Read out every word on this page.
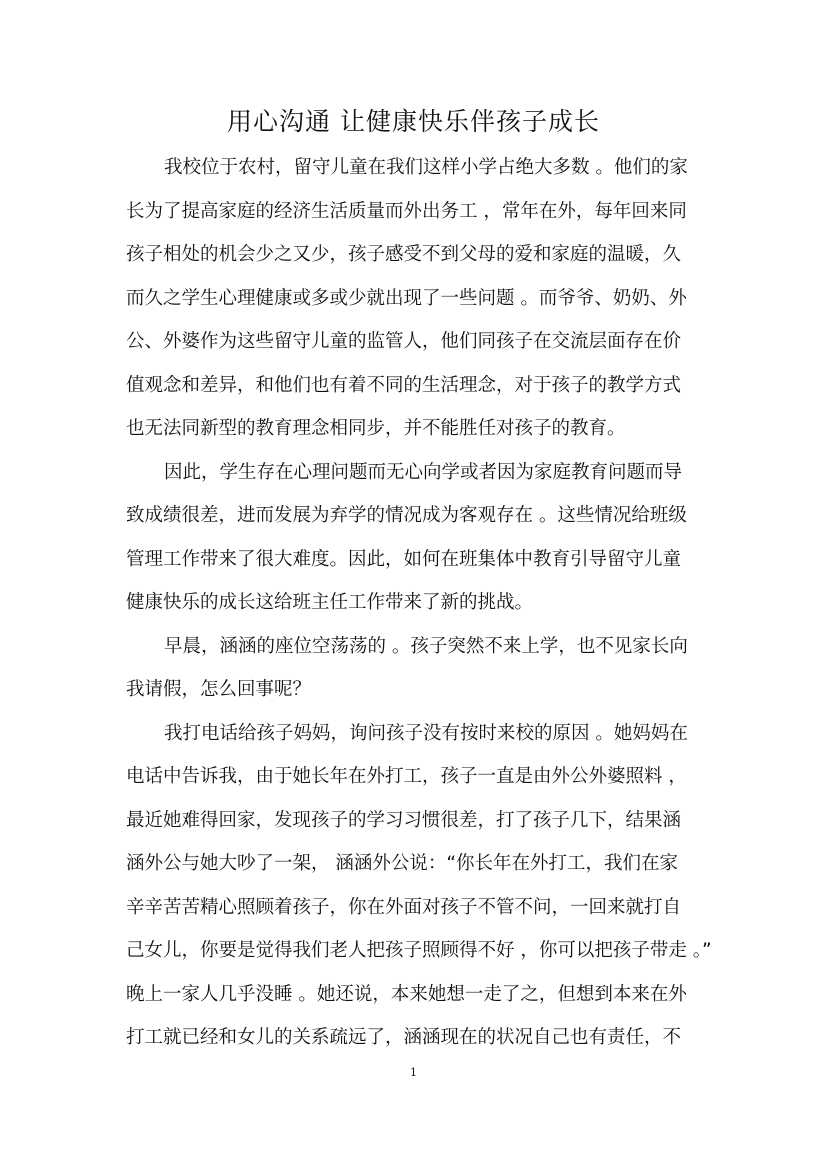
用心沟通 让健康快乐伴孩子成长
我校位于农村，留守儿童在我们这样小学占绝大多数 。他们的家
长为了提高家庭的经济生活质量而外出务工 ，常年在外，每年回来同
孩子相处的机会少之又少，孩子感受不到父母的爱和家庭的温暖，久
而久之学生心理健康或多或少就出现了一些问题 。而爷爷、奶奶、外
公、外婆作为这些留守儿童的监管人，他们同孩子在交流层面存在价
值观念和差异，和他们也有着不同的生活理念，对于孩子的教学方式
也无法同新型的教育理念相同步，并不能胜任对孩子的教育。
因此，学生存在心理问题而无心向学或者因为家庭教育问题而导
致成绩很差，进而发展为弃学的情况成为客观存在 。这些情况给班级
管理工作带来了很大难度。因此，如何在班集体中教育引导留守儿童
健康快乐的成长这给班主任工作带来了新的挑战。
早晨，涵涵的座位空荡荡的 。孩子突然不来上学，也不见家长向
我请假，怎么回事呢？
我打电话给孩子妈妈，询问孩子没有按时来校的原因 。她妈妈在
电话中告诉我，由于她长年在外打工，孩子一直是由外公外婆照料 ，
最近她难得回家，发现孩子的学习习惯很差，打了孩子几下，结果涵
涵外公与她大吵了一架， 涵涵外公说：“你长年在外打工，我们在家
辛辛苦苦精心照顾着孩子，你在外面对孩子不管不问，一回来就打自
己女儿，你要是觉得我们老人把孩子照顾得不好 ，你可以把孩子带走 。”
晚上一家人几乎没睡 。她还说，本来她想一走了之，但想到本来在外
打工就已经和女儿的关系疏远了，涵涵现在的状况自己也有责任，不
1
